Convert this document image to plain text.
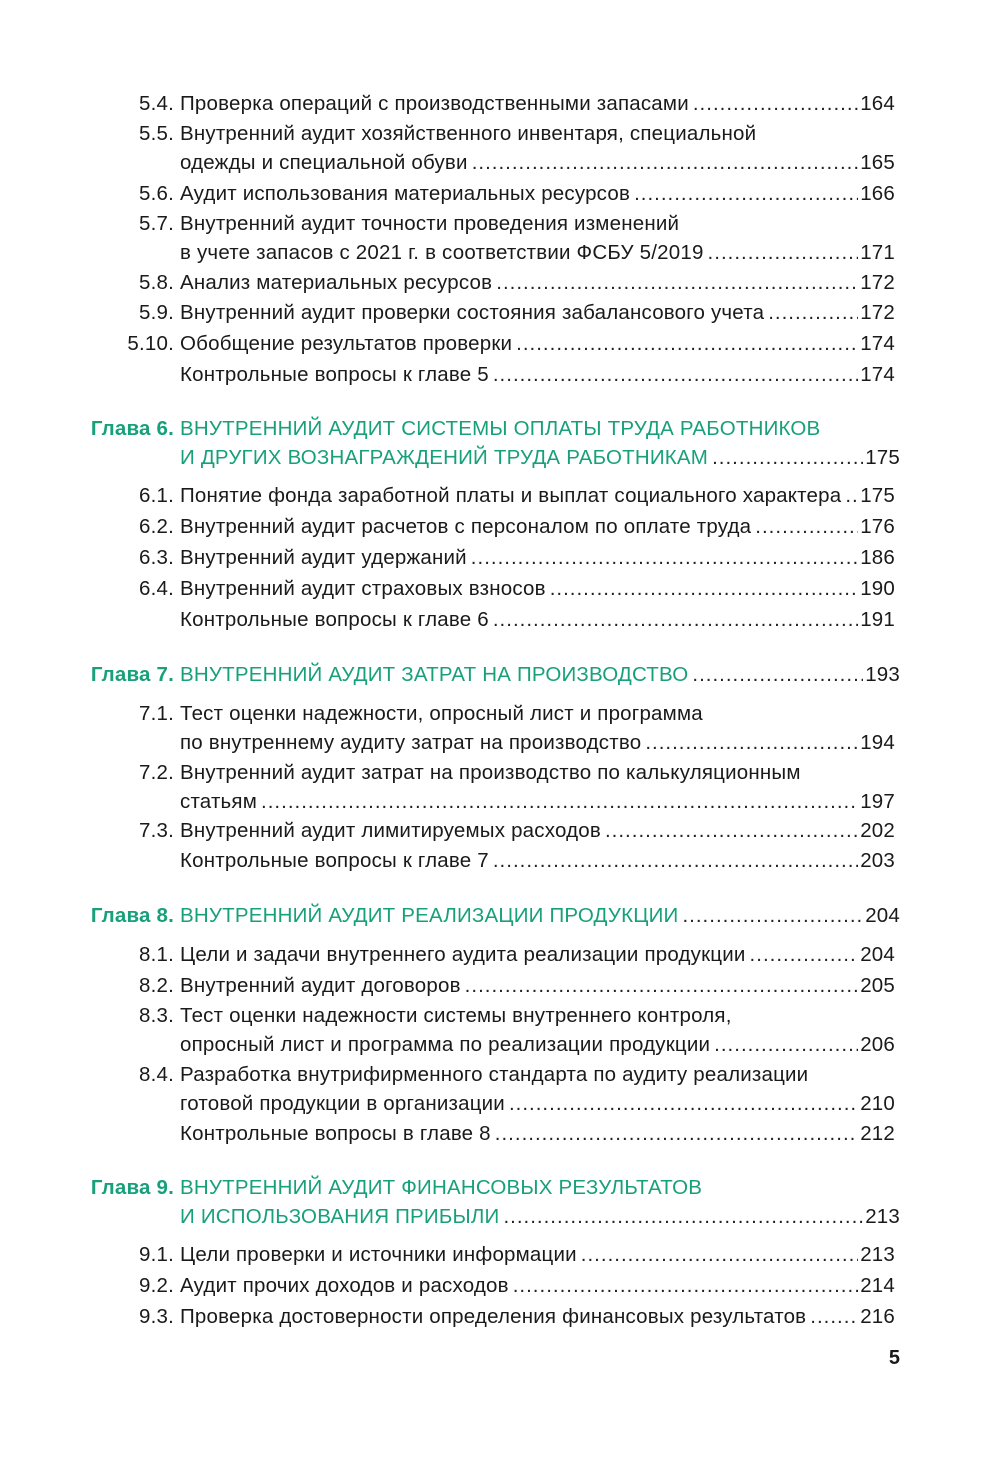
5.4. Проверка операций с производственными запасами .....	164
5.5. Внутренний аудит хозяйственного инвентаря, специальной
одежды и специальной обуви .....	165
5.6. Аудит использования материальных ресурсов .....	166
5.7. Внутренний аудит точности проведения изменений
в учете запасов с 2021 г. в соответствии ФСБУ 5/2019 .....	171
5.8. Анализ материальных ресурсов .....	172
5.9. Внутренний аудит проверки состояния забалансового учета .....	172
5.10. Обобщение результатов проверки .....	174
Контрольные вопросы к главе 5 .....	174
Глава 6. ВНУТРЕННИЙ АУДИТ СИСТЕМЫ ОПЛАТЫ ТРУДА РАБОТНИКОВ
И ДРУГИХ ВОЗНАГРАЖДЕНИЙ ТРУДА РАБОТНИКАМ .....	175
6.1. Понятие фонда заработной платы и выплат социального характера ..... 175
6.2. Внутренний аудит расчетов с персоналом по оплате труда .....	176
6.3. Внутренний аудит удержаний .....	186
6.4. Внутренний аудит страховых взносов .....	190
Контрольные вопросы к главе 6 .....	191
Глава 7. ВНУТРЕННИЙ АУДИТ ЗАТРАТ НА ПРОИЗВОДСТВО .....	193
7.1. Тест оценки надежности, опросный лист и программа
по внутреннему аудиту затрат на производство .....	194
7.2. Внутренний аудит затрат на производство по калькуляционным
статьям .....	197
7.3. Внутренний аудит лимитируемых расходов .....	202
Контрольные вопросы к главе 7 .....	203
Глава 8. ВНУТРЕННИЙ АУДИТ РЕАЛИЗАЦИИ ПРОДУКЦИИ .....	204
8.1. Цели и задачи внутреннего аудита реализации продукции .....	204
8.2. Внутренний аудит договоров .....	205
8.3. Тест оценки надежности системы внутреннего контроля,
опросный лист и программа по реализации продукции .....	206
8.4. Разработка внутрифирменного стандарта по аудиту реализации
готовой продукции в организации .....	210
Контрольные вопросы в главе 8 .....	212
Глава 9. ВНУТРЕННИЙ АУДИТ ФИНАНСОВЫХ РЕЗУЛЬТАТОВ
И ИСПОЛЬЗОВАНИЯ ПРИБЫЛИ .....	213
9.1. Цели проверки и источники информации .....	213
9.2. Аудит прочих доходов и расходов .....	214
9.3. Проверка достоверности определения финансовых результатов .....	216
5
